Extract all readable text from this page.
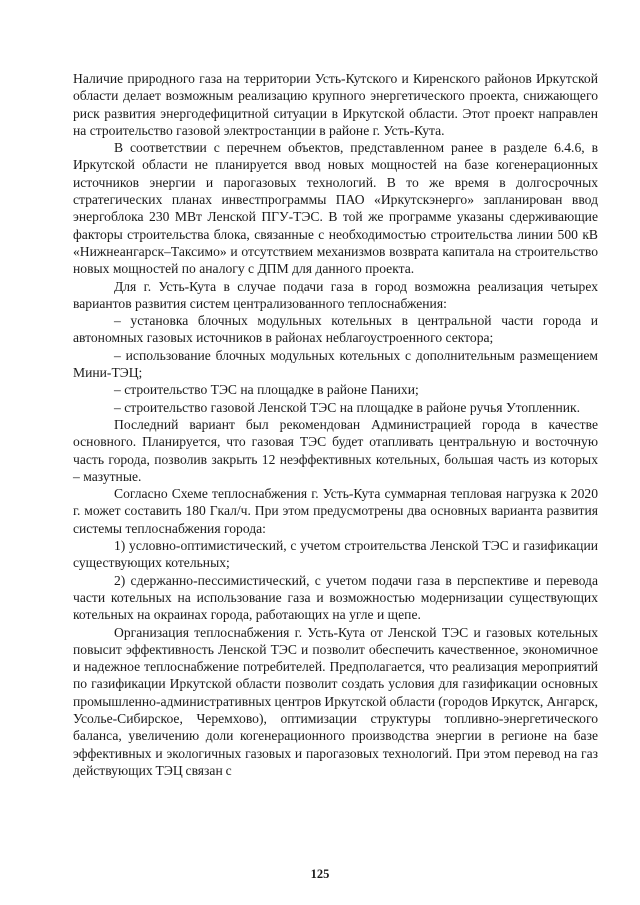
Наличие природного газа на территории Усть-Кутского и Киренского районов Иркутской области делает возможным реализацию крупного энергетического проекта, снижающего риск развития энергодефицитной ситуации в Иркутской области. Этот проект направлен на строительство газовой электростанции в районе г. Усть-Кута.

В соответствии с перечнем объектов, представленном ранее в разделе 6.4.6, в Иркутской области не планируется ввод новых мощностей на базе когенерационных источников энергии и парогазовых технологий. В то же время в долгосрочных стратегических планах инвестпрограммы ПАО «Иркутскэнерго» запланирован ввод энергоблока 230 МВт Ленской ПГУ-ТЭС. В той же программе указаны сдерживающие факторы строительства блока, связанные с необходимостью строительства линии 500 кВ «Нижнеангарск–Таксимо» и отсутствием механизмов возврата капитала на строительство новых мощностей по аналогу с ДПМ для данного проекта.

Для г. Усть-Кута в случае подачи газа в город возможна реализация четырех вариантов развития систем централизованного теплоснабжения:

– установка блочных модульных котельных в центральной части города и автономных газовых источников в районах неблагоустроенного сектора;

– использование блочных модульных котельных с дополнительным размещением Мини-ТЭЦ;

– строительство ТЭС на площадке в районе Панихи;

– строительство газовой Ленской ТЭС на площадке в районе ручья Утопленник.

Последний вариант был рекомендован Администрацией города в качестве основного. Планируется, что газовая ТЭС будет отапливать центральную и восточную часть города, позволив закрыть 12 неэффективных котельных, большая часть из которых – мазутные.

Согласно Схеме теплоснабжения г. Усть-Кута суммарная тепловая нагрузка к 2020 г. может составить 180 Гкал/ч. При этом предусмотрены два основных варианта развития системы теплоснабжения города:

1) условно-оптимистический, с учетом строительства Ленской ТЭС и газификации существующих котельных;

2) сдержанно-пессимистический, с учетом подачи газа в перспективе и перевода части котельных на использование газа и возможностью модернизации существующих котельных на окраинах города, работающих на угле и щепе.

Организация теплоснабжения г. Усть-Кута от Ленской ТЭС и газовых котельных повысит эффективность Ленской ТЭС и позволит обеспечить качественное, экономичное и надежное теплоснабжение потребителей. Предполагается, что реализация мероприятий по газификации Иркутской области позволит создать условия для газификации основных промышленно-административных центров Иркутской области (городов Иркутск, Ангарск, Усолье-Сибирское, Черемхово), оптимизации структуры топливно-энергетического баланса, увеличению доли когенерационного производства энергии в регионе на базе эффективных и экологичных газовых и парогазовых технологий. При этом перевод на газ действующих ТЭЦ связан с

125
